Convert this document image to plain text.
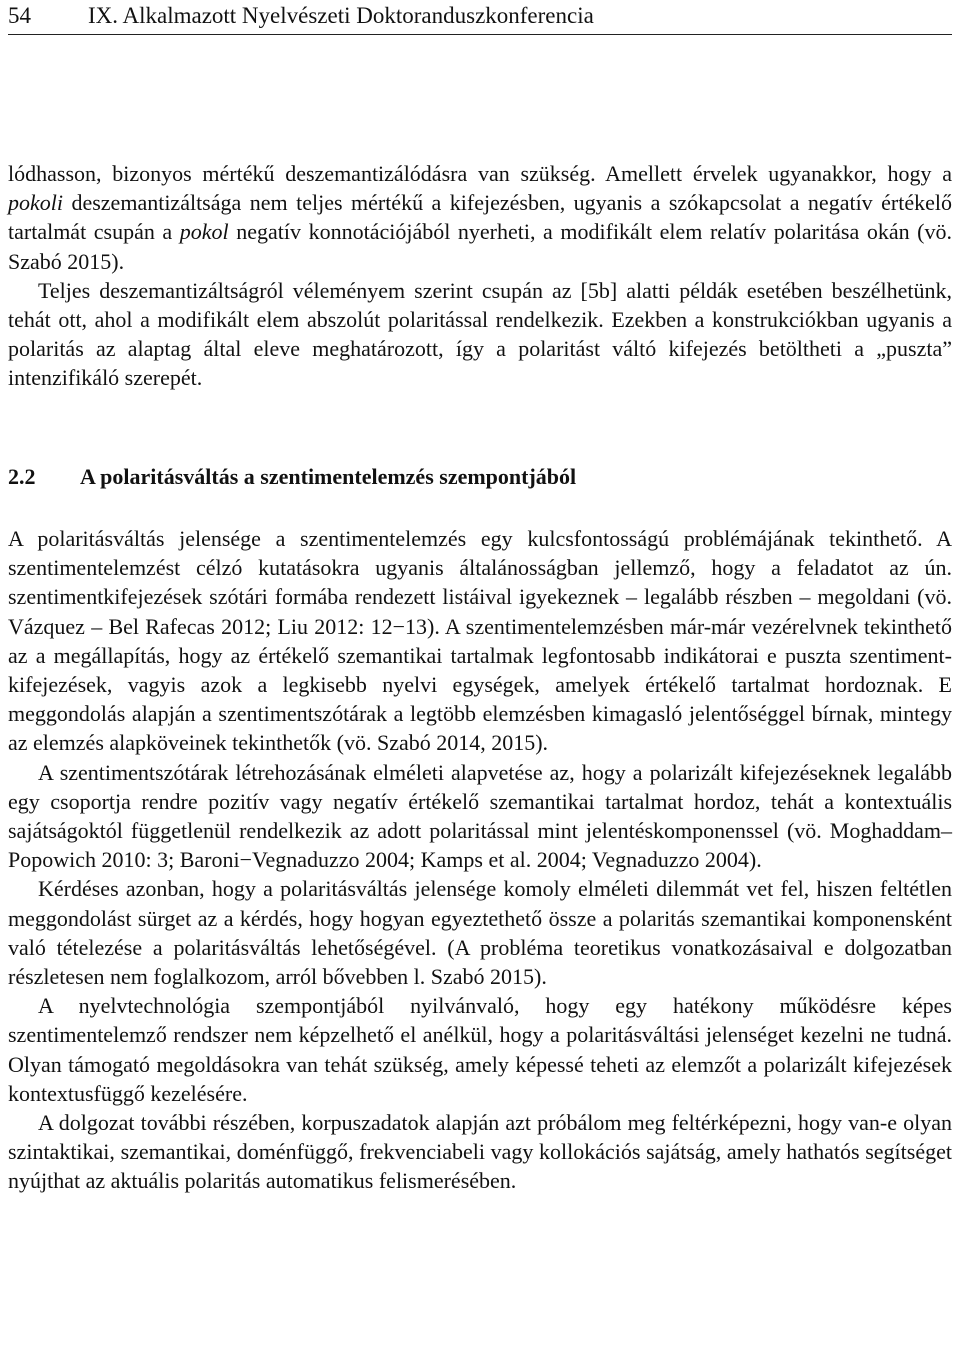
54 IX. Alkalmazott Nyelvészeti Doktoranduszkonferencia

lódhasson, bizonyos mértékű deszemantizálódásra van szükség. Amellett érvelek ugyanakkor, hogy a pokoli deszemantizáltsága nem teljes mértékű a kifejezésben, ugyanis a szókapcsolat a negatív értékelő tartalmát csupán a pokol negatív konnotációjából nyerheti, a modifikált elem relatív polaritása okán (vö. Szabó 2015).

Teljes deszemantizáltságról véleményem szerint csupán az [5b] alatti példák esetében beszélhetünk, tehát ott, ahol a modifikált elem abszolút polaritással rendelkezik. Ezekben a konstrukciókban ugyanis a polaritás az alaptag által eleve meghatározott, így a polaritást váltó kifejezés betöltheti a „puszta” intenzifikáló szerepét.

2.2 A polaritásváltás a szentimentelemzés szempontjából

A polaritásváltás jelensége a szentimentelemzés egy kulcsfontosságú problémájának tekinthető. A szentimentelemzést célzó kutatásokra ugyanis általánosságban jellemző, hogy a feladatot az ún. szentimentkifejezések szótári formába rendezett listáival igyekeznek – legalább részben – megoldani (vö. Vázquez – Bel Rafecas 2012; Liu 2012: 12−13). A szentimentelemzésben már-már vezérelvnek tekinthető az a megállapítás, hogy az értékelő szemantikai tartalmak legfontosabb indikátorai e puszta szentimentkifejezések, vagyis azok a legkisebb nyelvi egységek, amelyek értékelő tartalmat hordoznak. E meggondolás alapján a szentimentszótárak a legtöbb elemzésben kimagasló jelentőséggel bírnak, mintegy az elemzés alapköveinek tekinthetők (vö. Szabó 2014, 2015).

A szentimentszótárak létrehozásának elméleti alapvetése az, hogy a polarizált kifejezéseknek legalább egy csoportja rendre pozitív vagy negatív értékelő szemantikai tartalmat hordoz, tehát a kontextuális sajátságoktól függetlenül rendelkezik az adott polaritással mint jelentéskomponenssel (vö. Moghaddam–Popowich 2010: 3; Baroni−Vegnaduzzo 2004; Kamps et al. 2004; Vegnaduzzo 2004).

Kérdéses azonban, hogy a polaritásváltás jelensége komoly elméleti dilemmát vet fel, hiszen feltétlen meggondolást sürget az a kérdés, hogy hogyan egyeztethető össze a polaritás szemantikai komponensként való tételezése a polaritásváltás lehetőségével. (A probléma teoretikus vonatkozásaival e dolgozatban részletesen nem foglalkozom, arról bővebben l. Szabó 2015).

A nyelvtechnológia szempontjából nyilvánvaló, hogy egy hatékony működésre képes szentimentelemző rendszer nem képzelhető el anélkül, hogy a polaritásváltási jelenséget kezelni ne tudná. Olyan támogató megoldásokra van tehát szükség, amely képessé teheti az elemzőt a polarizált kifejezések kontextusfüggő kezelésére.

A dolgozat további részében, korpuszadatok alapján azt próbálom meg feltérképezni, hogy van-e olyan szintaktikai, szemantikai, doménfüggő, frekvenciabeli vagy kollokációs sajátság, amely hathatós segítséget nyújthat az aktuális polaritás automatikus felismerésében.
